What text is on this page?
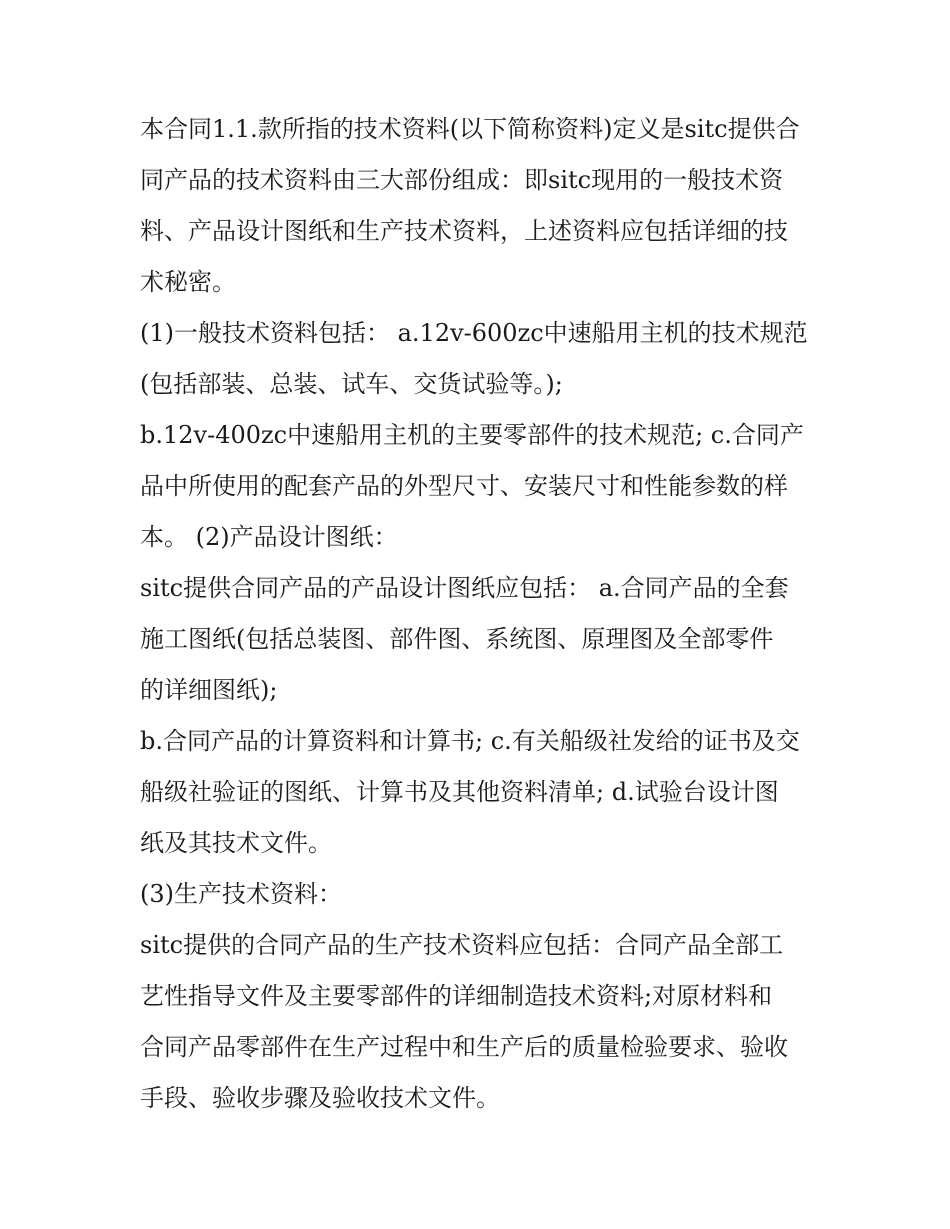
本合同1.1.款所指的技术资料(以下简称资料)定义是sitc提供合
同产品的技术资料由三大部份组成：即sitc现用的一般技术资
料、产品设计图纸和生产技术资料，上述资料应包括详细的技
术秘密。
(1)一般技术资料包括： a.12v-600zc中速船用主机的技术规范
(包括部装、总装、试车、交货试验等。);
b.12v-400zc中速船用主机的主要零部件的技术规范; c.合同产
品中所使用的配套产品的外型尺寸、安装尺寸和性能参数的样
本。 (2)产品设计图纸：
sitc提供合同产品的产品设计图纸应包括： a.合同产品的全套
施工图纸(包括总装图、部件图、系统图、原理图及全部零件
的详细图纸);
b.合同产品的计算资料和计算书; c.有关船级社发给的证书及交
船级社验证的图纸、计算书及其他资料清单; d.试验台设计图
纸及其技术文件。
(3)生产技术资料：
sitc提供的合同产品的生产技术资料应包括：合同产品全部工
艺性指导文件及主要零部件的详细制造技术资料;对原材料和
合同产品零部件在生产过程中和生产后的质量检验要求、验收
手段、验收步骤及验收技术文件。
